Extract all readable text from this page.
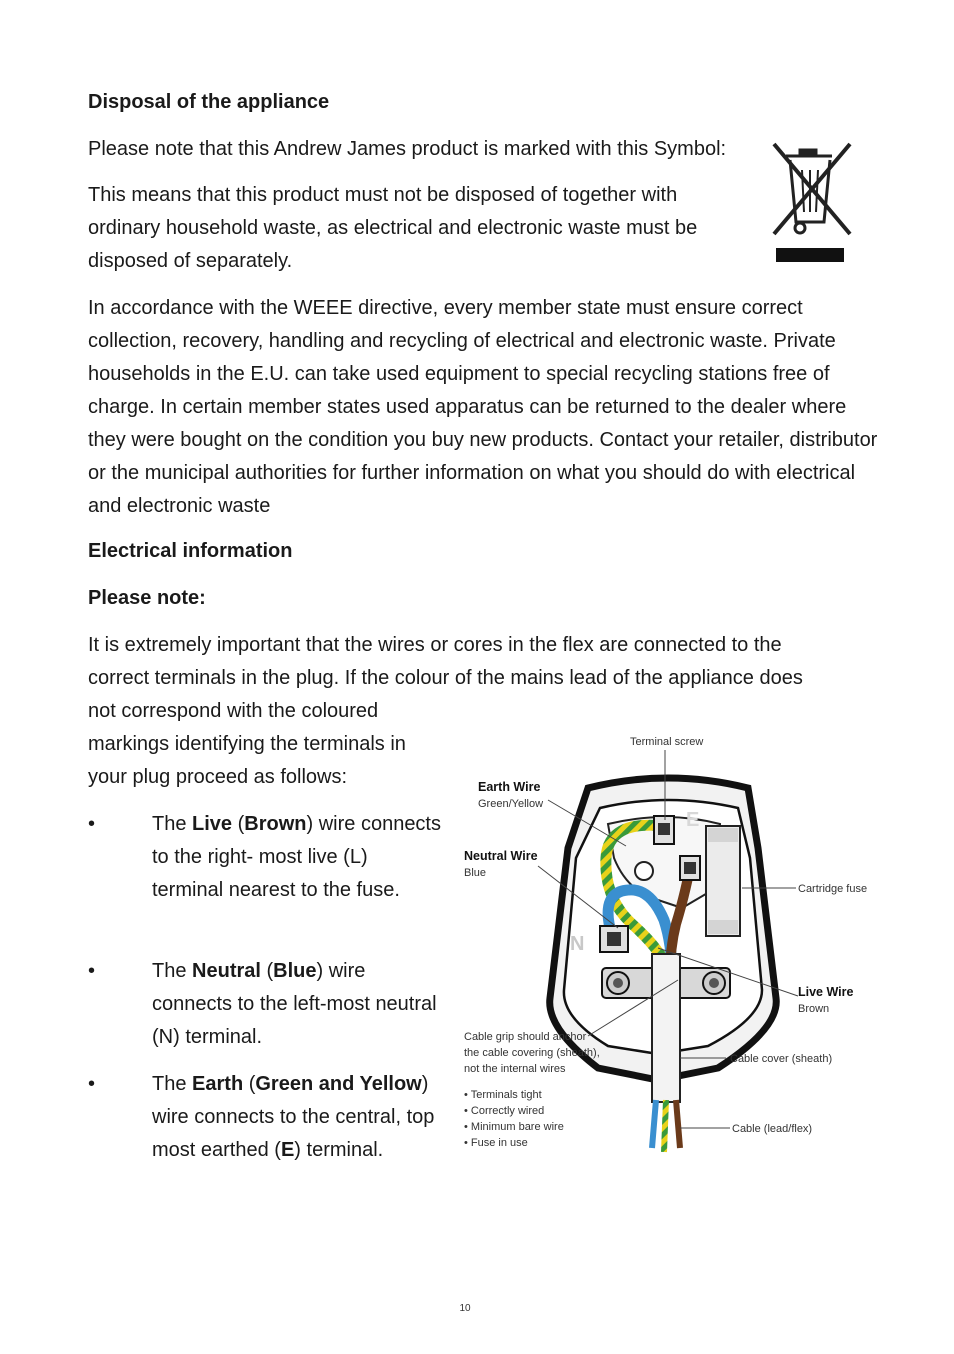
Disposal of the appliance

Please note that this Andrew James product is marked with this Symbol:

This means that this product must not be disposed of together with ordinary household waste, as electrical and electronic waste must be disposed of separately.

In accordance with the WEEE directive, every member state must ensure correct collection, recovery, handling and recycling of electrical and electronic waste. Private households in the E.U. can take used equipment to special recycling stations free of charge. In certain member states used apparatus can be returned to the dealer where they were bought on the condition you buy new products. Contact your retailer, distributor or the municipal authorities for further information on what you should do with electrical and electronic waste

Electrical information

Please note:

It is extremely important that the wires or cores in the flex are connected to the

correct terminals in the plug. If the colour of the mains lead of the appliance does

not correspond with the coloured markings identifying the terminals in your plug proceed as follows:

•	The Live (Brown) wire connects to the right- most live (L) terminal nearest to the fuse.

•	The Neutral (Blue) wire connects to the left-most neutral (N) terminal.

•	The Earth (Green and Yellow) wire connects to the central, top most earthed (E) terminal.

E
N
Terminal screw
Earth Wire
Green/Yellow
Neutral Wire
Blue
Cartridge fuse
Live Wire
Brown
Cable grip should anchor
the cable covering (sheath),
not the internal wires
Cable cover (sheath)
Cable (lead/flex)
• Terminals tight
• Correctly wired
• Minimum bare wire
• Fuse in use
10
